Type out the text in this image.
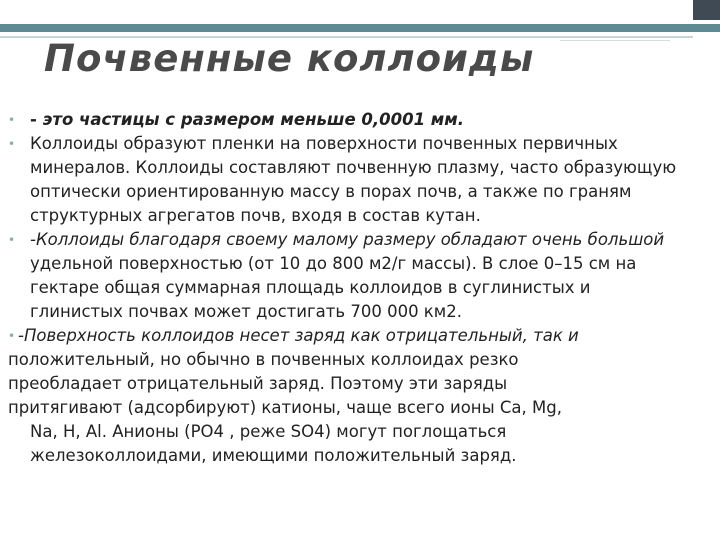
Почвенные коллоиды
• - это частицы с размером меньше 0,0001 мм.
• Коллоиды образуют пленки на поверхности почвенных первичных минералов. Коллоиды составляют почвенную плазму, часто образующую оптически ориентированную массу в порах почв, а также по граням структурных агрегатов почв, входя в состав кутан.
• -Коллоиды благодаря своему малому размеру обладают очень большой удельной поверхностью (от 10 до 800 м2/г массы). В слое 0–15 см на гектаре общая суммарная площадь коллоидов в суглинистых и глинистых почвах может достигать 700 000 км2.
• -Поверхность коллоидов несет заряд как отрицательный, так и
положительный, но обычно в почвенных коллоидах резко
преобладает отрицательный заряд. Поэтому эти заряды
притягивают (адсорбируют) катионы, чаще всего ионы Ca, Mg,
Na, H, Al. Анионы (PO4 , реже SO4) могут поглощаться железоколлоидами, имеющими положительный заряд.
